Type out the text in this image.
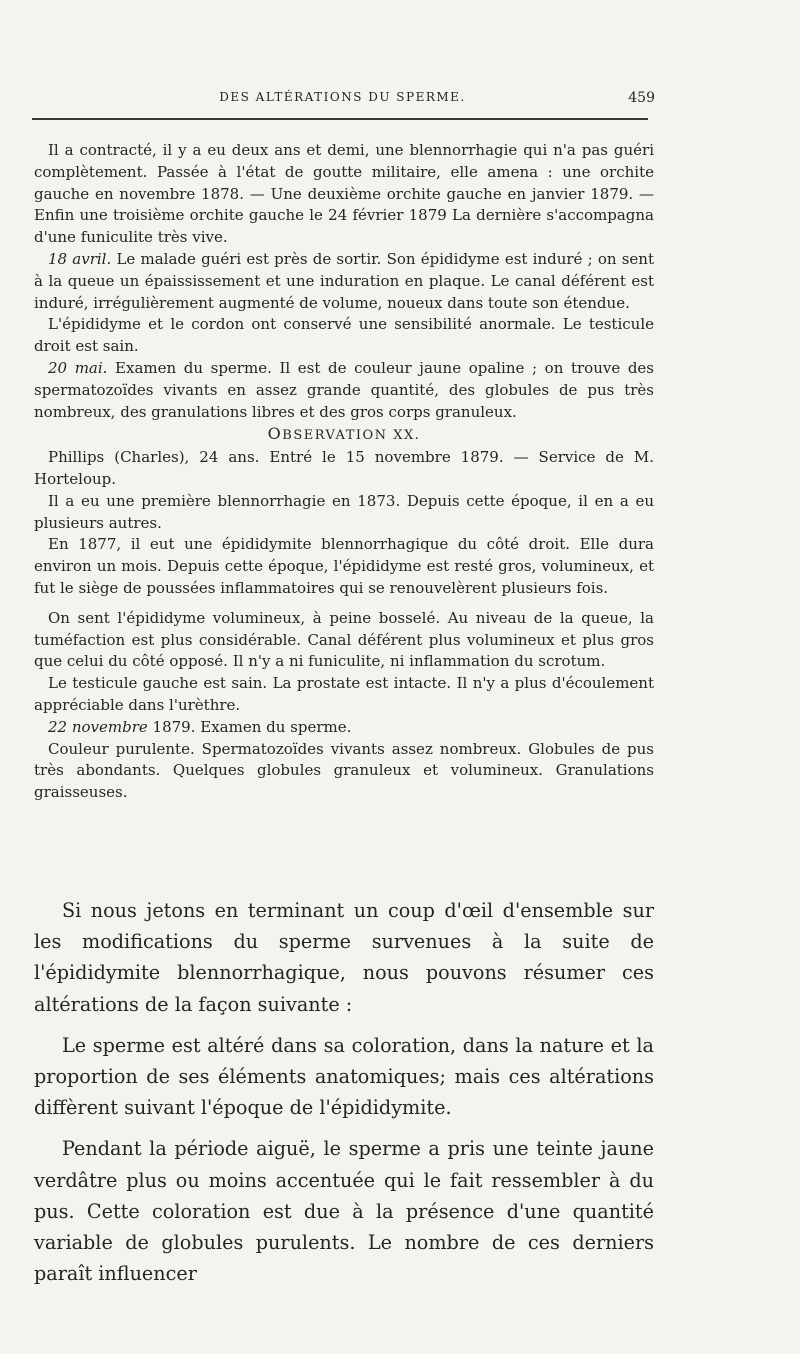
DES ALTÉRATIONS DU SPERME.	459

Il a contracté, il y a eu deux ans et demi, une blennorrhagie qui n'a pas guéri complètement. Passée à l'état de goutte militaire, elle amena : une orchite gauche en novembre 1878. — Une deuxième orchite gauche en janvier 1879. — Enfin une troisième orchite gauche le 24 février 1879 La dernière s'accompagna d'une funiculite très vive.

18 avril. Le malade guéri est près de sortir. Son épididyme est induré ; on sent à la queue un épaississement et une induration en plaque. Le canal déférent est induré, irrégulièrement augmenté de volume, noueux dans toute son étendue.

L'épididyme et le cordon ont conservé une sensibilité anormale. Le testicule droit est sain.

20 mai. Examen du sperme. Il est de couleur jaune opaline ; on trouve des spermatozoïdes vivants en assez grande quantité, des globules de pus très nombreux, des granulations libres et des gros corps granuleux.

OBSERVATION XX.

Phillips (Charles), 24 ans. Entré le 15 novembre 1879. — Service de M. Horteloup.

Il a eu une première blennorrhagie en 1873. Depuis cette époque, il en a eu plusieurs autres.

En 1877, il eut une épididymite blennorrhagique du côté droit. Elle dura environ un mois. Depuis cette époque, l'épididyme est resté gros, volumineux, et fut le siège de poussées inflammatoires qui se renouvelèrent plusieurs fois.

On sent l'épididyme volumineux, à peine bosselé. Au niveau de la queue, la tuméfaction est plus considérable. Canal déférent plus volumineux et plus gros que celui du côté opposé. Il n'y a ni funiculite, ni inflammation du scrotum.

Le testicule gauche est sain. La prostate est intacte. Il n'y a plus d'écoulement appréciable dans l'urèthre.

22 novembre 1879. Examen du sperme.

Couleur purulente. Spermatozoïdes vivants assez nombreux. Globules de pus très abondants. Quelques globules granuleux et volumineux. Granulations graisseuses.

Si nous jetons en terminant un coup d'œil d'ensemble sur les modifications du sperme survenues à la suite de l'épididymite blennorrhagique, nous pouvons résumer ces altérations de la façon suivante :

Le sperme est altéré dans sa coloration, dans la nature et la proportion de ses éléments anatomiques; mais ces altérations diffèrent suivant l'époque de l'épididymite.

Pendant la période aiguë, le sperme a pris une teinte jaune verdâtre plus ou moins accentuée qui le fait ressembler à du pus. Cette coloration est due à la présence d'une quantité variable de globules purulents. Le nombre de ces derniers paraît influencer
